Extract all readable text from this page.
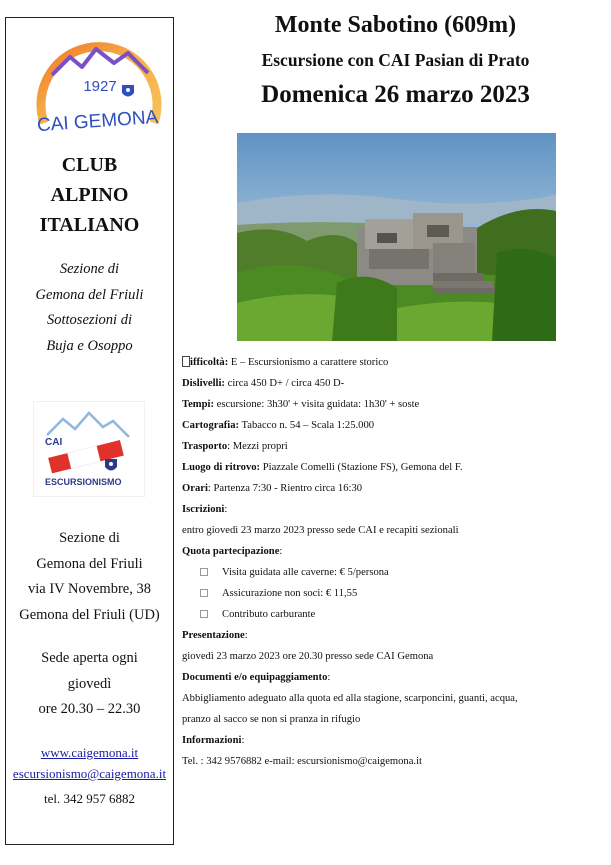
1927
CAI GEMONA
CLUB
ALPINO
ITALIANO
Sezione di
Gemona del Friuli
Sottosezioni di
Buja e Osoppo
CAI
ESCURSIONISMO
Sezione di
Gemona del Friuli
via IV Novembre, 38
Gemona del Friuli (UD)
Sede aperta ogni
giovedì
ore 20.30 – 22.30
www.caigemona.it
escursionismo@caigemona.it
tel. 342 957 6882
Monte Sabotino (609m)
Escursione con CAI Pasian di Prato
Domenica 26 marzo 2023
ifficoltà: E – Escursionismo a carattere storico
Dislivelli: circa 450 D+ / circa 450 D-
Tempi: escursione: 3h30' + visita guidata: 1h30' + soste
Cartografia: Tabacco n. 54 – Scala 1:25.000
Trasporto: Mezzi propri
Luogo di ritrovo: Piazzale Comelli (Stazione FS), Gemona del F.
Orari: Partenza 7:30 - Rientro circa 16:30
Iscrizioni:
entro giovedì 23 marzo 2023 presso sede CAI e recapiti sezionali
Quota partecipazione:
Visita guidata alle caverne: € 5/persona
Assicurazione non soci: € 11,55
Contributo carburante
Presentazione:
giovedì 23 marzo 2023 ore 20.30 presso sede CAI Gemona
Documenti e/o equipaggiamento:
Abbigliamento adeguato alla quota ed alla stagione, scarponcini, guanti, acqua,
pranzo al sacco se non si pranza in rifugio
Informazioni:
Tel. : 342 9576882 e-mail: escursionismo@caigemona.it
